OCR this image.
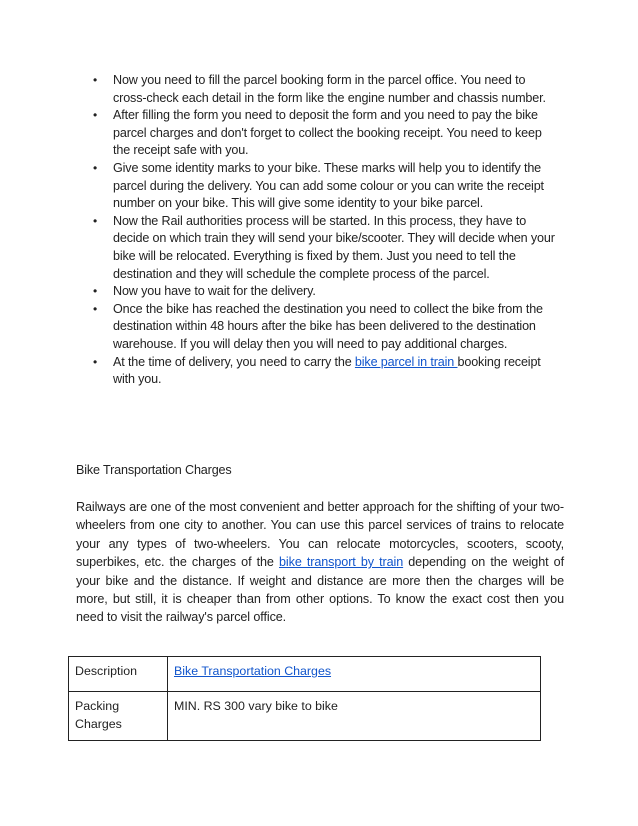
• Now you need to fill the parcel booking form in the parcel office. You need to cross-check each detail in the form like the engine number and chassis number.
• After filling the form you need to deposit the form and you need to pay the bike parcel charges and don't forget to collect the booking receipt. You need to keep the receipt safe with you.
• Give some identity marks to your bike. These marks will help you to identify the parcel during the delivery. You can add some colour or you can write the receipt number on your bike. This will give some identity to your bike parcel.
• Now the Rail authorities process will be started. In this process, they have to decide on which train they will send your bike/scooter. They will decide when your bike will be relocated. Everything is fixed by them. Just you need to tell the destination and they will schedule the complete process of the parcel.
• Now you have to wait for the delivery.
• Once the bike has reached the destination you need to collect the bike from the destination within 48 hours after the bike has been delivered to the destination warehouse. If you will delay then you will need to pay additional charges.
• At the time of delivery, you need to carry the bike parcel in train booking receipt with you.

Bike Transportation Charges

Railways are one of the most convenient and better approach for the shifting of your two-wheelers from one city to another. You can use this parcel services of trains to relocate your any types of two-wheelers. You can relocate motorcycles, scooters, scooty, superbikes, etc. the charges of the bike transport by train depending on the weight of your bike and the distance. If weight and distance are more then the charges will be more, but still, it is cheaper than from other options. To know the exact cost then you need to visit the railway's parcel office.

Description	Bike Transportation Charges
Packing Charges	MIN. RS 300 vary bike to bike
